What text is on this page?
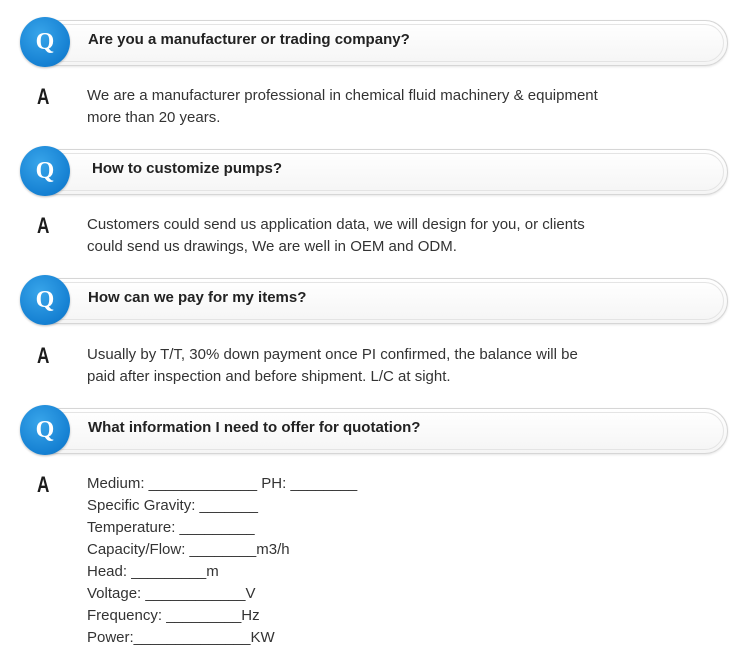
Q	Are you a manufacturer or trading company?
A	We are a manufacturer professional in chemical fluid machinery & equipment
more than 20 years.
Q	How to customize pumps?
A	Customers could send us application data, we will design for you, or clients
could send us drawings, We are well in OEM and ODM.
Q	How can we pay for my items?
A	Usually by T/T, 30% down payment once PI confirmed, the balance will be
paid after inspection and before shipment. L/C at sight.
Q	What information I need to offer for quotation?
A	Medium: _____________ PH: ________
Specific Gravity: _______
Temperature: _________
Capacity/Flow: ________m3/h
Head: _________m
Voltage: ____________V
Frequency: _________Hz
Power:______________KW
